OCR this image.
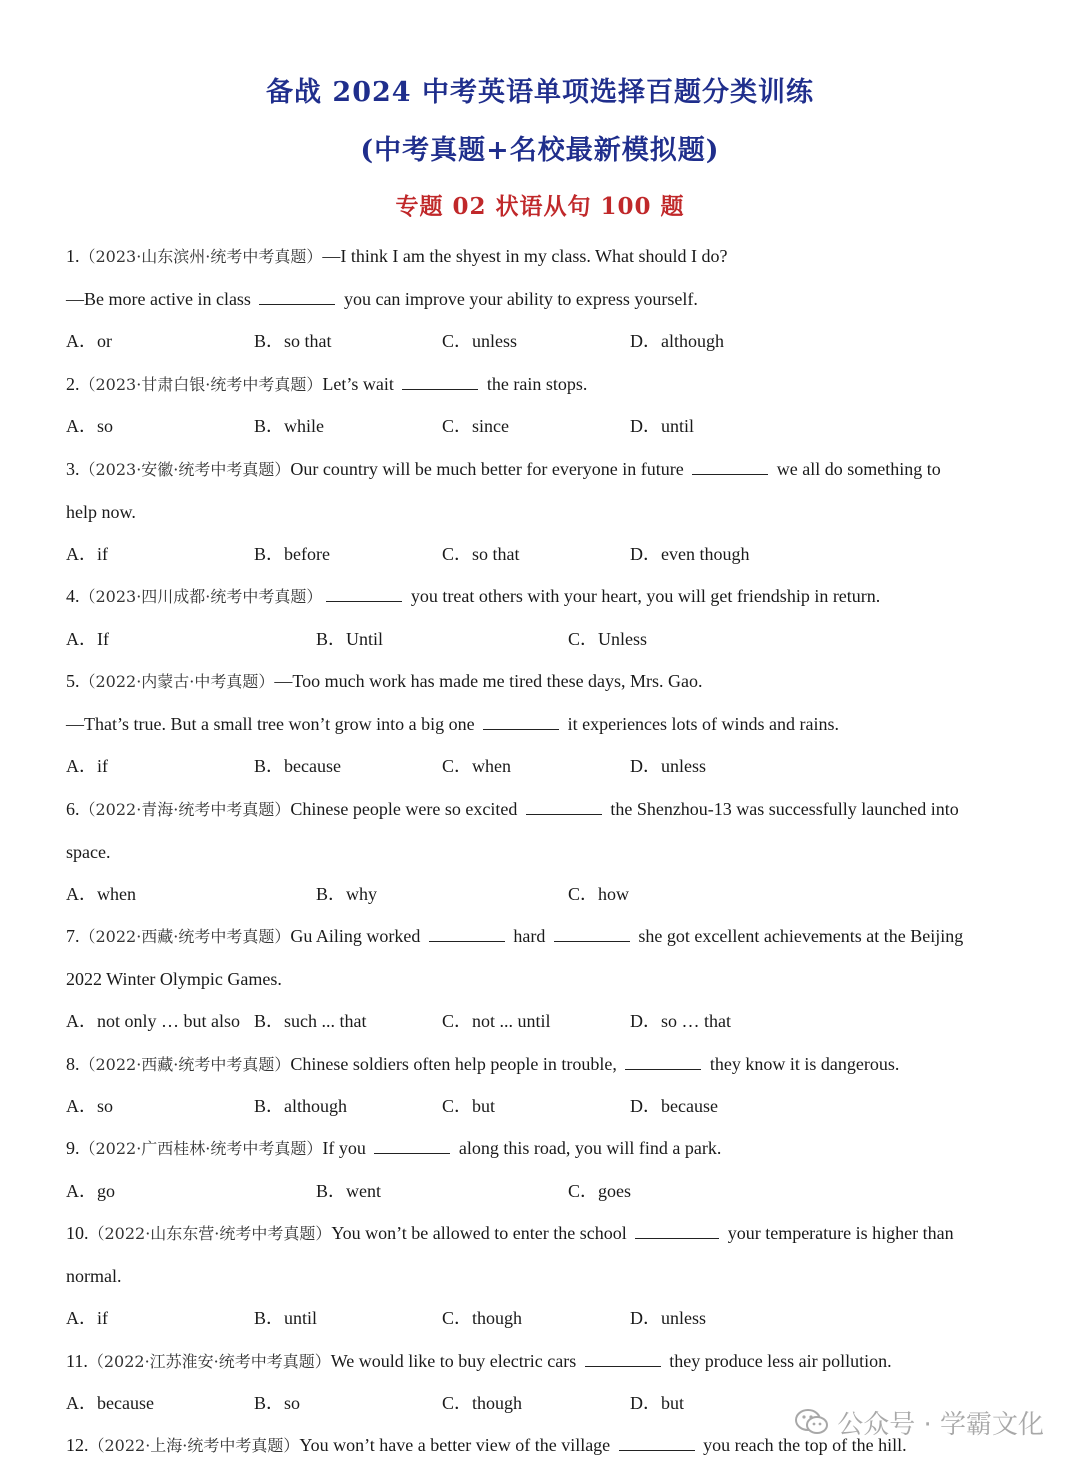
备战 2024 中考英语单项选择百题分类训练
(中考真题+名校最新模拟题)
专题 02 状语从句 100 题
1.（2023·山东滨州·统考中考真题）—I think I am the shyest in my class. What should I do?
—Be more active in class	you can improve your ability to express yourself.
A．or	B．so that	C．unless	D．although
2.（2023·甘肃白银·统考中考真题）Let’s wait	the rain stops.
A．so	B．while	C．since	D．until
3.（2023·安徽·统考中考真题）Our country will be much better for everyone in future	we all do something to
help now.
A．if	B．before	C．so that	D．even though
4.（2023·四川成都·统考中考真题）	you treat others with your heart, you will get friendship in return.
A．If	B．Until	C．Unless
5.（2022·内蒙古·中考真题）—Too much work has made me tired these days, Mrs. Gao.
—That’s true. But a small tree won’t grow into a big one	it experiences lots of winds and rains.
A．if	B．because	C．when	D．unless
6.（2022·青海·统考中考真题）Chinese people were so excited	the Shenzhou-13 was successfully launched into
space.
A．when	B．why	C．how
7.（2022·西藏·统考中考真题）Gu Ailing worked	hard	she got excellent achievements at the Beijing
2022 Winter Olympic Games.
A．not only … but also B．such ... that	C．not ... until	D．so … that
8.（2022·西藏·统考中考真题）Chinese soldiers often help people in trouble,	they know it is dangerous.
A．so	B．although	C．but	D．because
9.（2022·广西桂林·统考中考真题）If you	along this road, you will find a park.
A．go	B．went	C．goes
10.（2022·山东东营·统考中考真题）You won’t be allowed to enter the school	your temperature is higher than
normal.
A．if	B．until	C．though	D．unless
11.（2022·江苏淮安·统考中考真题）We would like to buy electric cars	they produce less air pollution.
A．because	B．so	C．though	D．but
12.（2022·上海·统考中考真题）You won’t have a better view of the village	you reach the top of the hill.
公众号 · 学霸文化
